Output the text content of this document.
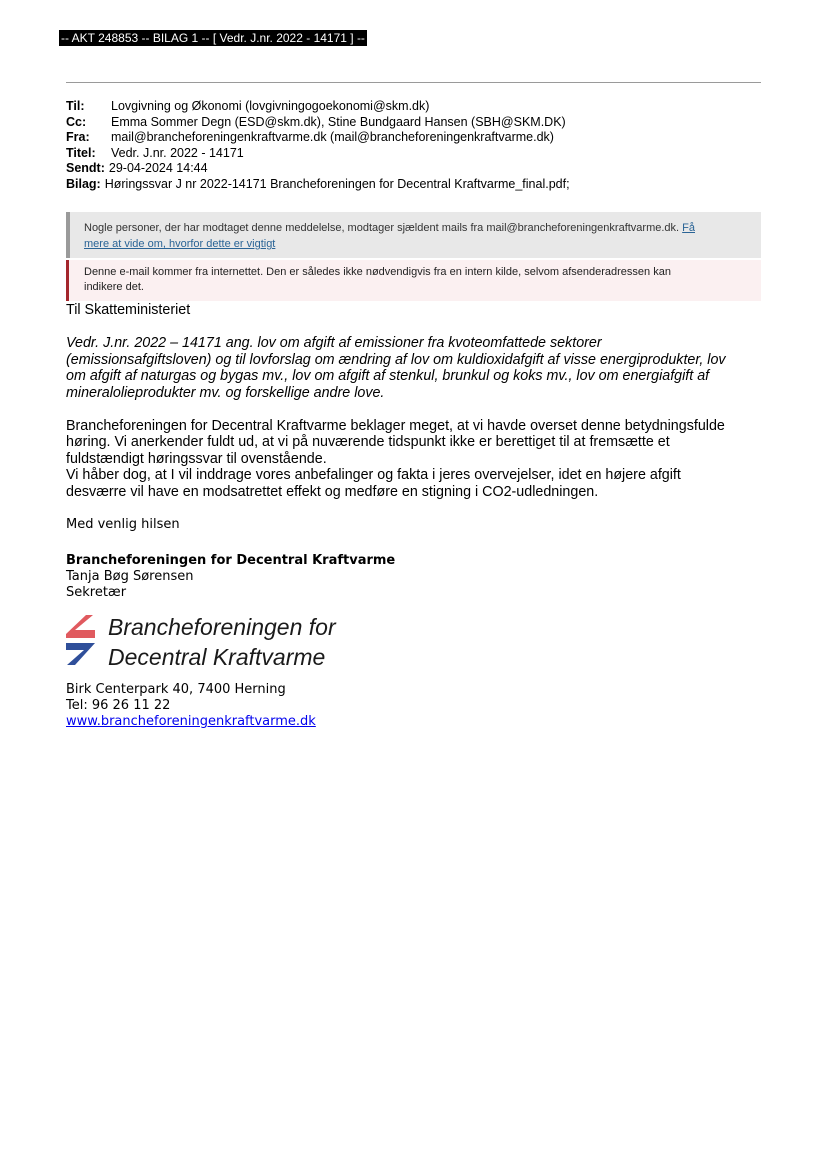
-- AKT 248853 -- BILAG 1 -- [ Vedr. J.nr. 2022 - 14171 ] --
Til:	Lovgivning og Økonomi (lovgivningogoekonomi@skm.dk)
Cc:	Emma Sommer Degn (ESD@skm.dk), Stine Bundgaard Hansen (SBH@SKM.DK)
Fra:	mail@brancheforeningenkraftvarme.dk (mail@brancheforeningenkraftvarme.dk)
Titel:	Vedr. J.nr. 2022 - 14171
Sendt: 29-04-2024 14:44
Bilag: Høringssvar J nr 2022-14171 Brancheforeningen for Decentral Kraftvarme_final.pdf;
Nogle personer, der har modtaget denne meddelelse, modtager sjældent mails fra mail@brancheforeningenkraftvarme.dk. Få
mere at vide om, hvorfor dette er vigtigt
Denne e-mail kommer fra internettet. Den er således ikke nødvendigvis fra en intern kilde, selvom afsenderadressen kan
indikere det.

Til Skatteministeriet

Vedr. J.nr. 2022 – 14171 ang. lov om afgift af emissioner fra kvoteomfattede sektorer

(emissionsafgiftsloven) og til lovforslag om ændring af lov om kuldioxidafgift af visse energiprodukter, lov

om afgift af naturgas og bygas mv., lov om afgift af stenkul, brunkul og koks mv., lov om energiafgift af

mineralolieprodukter mv. og forskellige andre love.

Brancheforeningen for Decentral Kraftvarme beklager meget, at vi havde overset denne betydningsfulde

høring. Vi anerkender fuldt ud, at vi på nuværende tidspunkt ikke er berettiget til at fremsætte et

fuldstændigt høringssvar til ovenstående.

Vi håber dog, at I vil inddrage vores anbefalinger og fakta i jeres overvejelser, idet en højere afgift

desværre vil have en modsatrettet effekt og medføre en stigning i CO2-udledningen.

Med venlig hilsen

Brancheforeningen for Decentral Kraftvarme
Tanja Bøg Sørensen
Sekretær
Brancheforeningen for
Decentral Kraftvarme
Birk Centerpark 40, 7400 Herning
Tel: 96 26 11 22
www.brancheforeningenkraftvarme.dk
